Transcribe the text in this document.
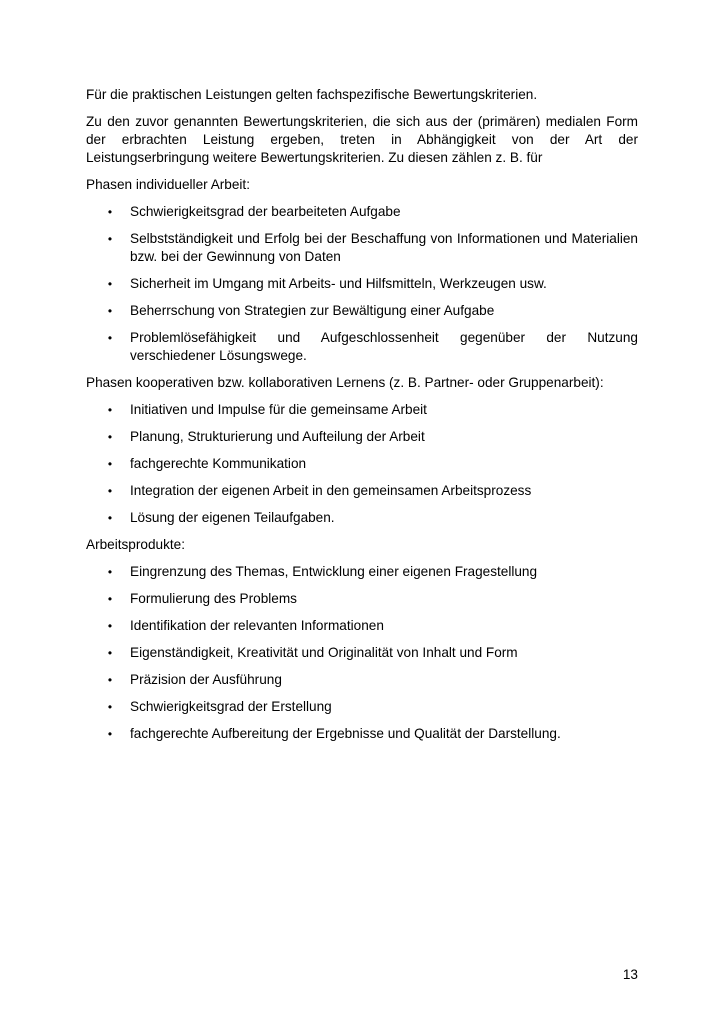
Für die praktischen Leistungen gelten fachspezifische Bewertungskriterien.

Zu den zuvor genannten Bewertungskriterien, die sich aus der (primären) medialen Form der erbrachten Leistung ergeben, treten in Abhängigkeit von der Art der Leistungserbringung weitere Bewertungskriterien. Zu diesen zählen z. B. für

Phasen individueller Arbeit:

• Schwierigkeitsgrad der bearbeiteten Aufgabe
• Selbstständigkeit und Erfolg bei der Beschaffung von Informationen und Materialien bzw. bei der Gewinnung von Daten
• Sicherheit im Umgang mit Arbeits- und Hilfsmitteln, Werkzeugen usw.
• Beherrschung von Strategien zur Bewältigung einer Aufgabe
• Problemlösefähigkeit und Aufgeschlossenheit gegenüber der Nutzung verschiedener Lösungswege.

Phasen kooperativen bzw. kollaborativen Lernens (z. B. Partner- oder Gruppenarbeit):

• Initiativen und Impulse für die gemeinsame Arbeit
• Planung, Strukturierung und Aufteilung der Arbeit
• fachgerechte Kommunikation
• Integration der eigenen Arbeit in den gemeinsamen Arbeitsprozess
• Lösung der eigenen Teilaufgaben.

Arbeitsprodukte:

• Eingrenzung des Themas, Entwicklung einer eigenen Fragestellung
• Formulierung des Problems
• Identifikation der relevanten Informationen
• Eigenständigkeit, Kreativität und Originalität von Inhalt und Form
• Präzision der Ausführung
• Schwierigkeitsgrad der Erstellung
• fachgerechte Aufbereitung der Ergebnisse und Qualität der Darstellung.
13
